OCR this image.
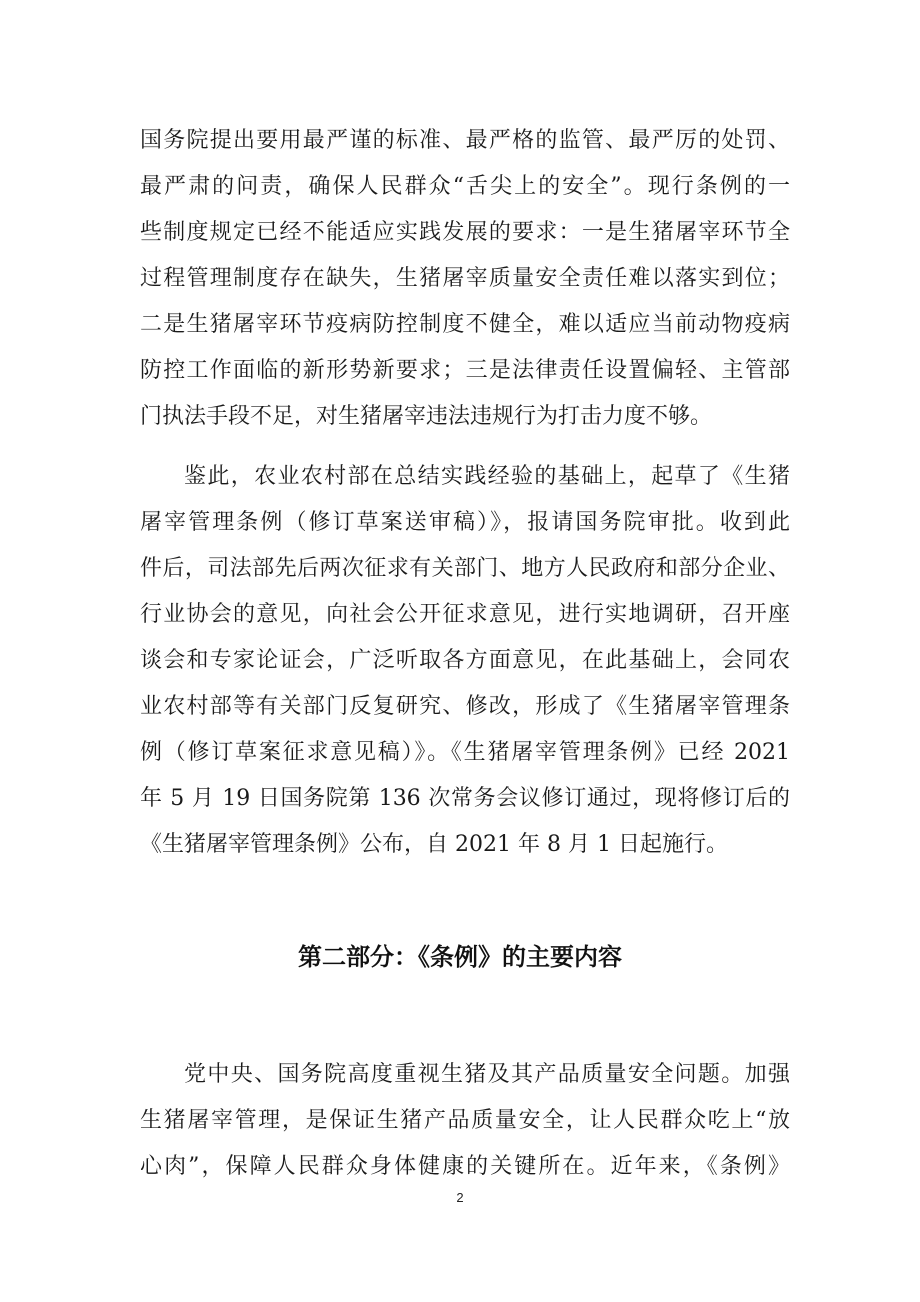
国务院提出要用最严谨的标准、最严格的监管、最严厉的处罚、
最严肃的问责，确保人民群众“舌尖上的安全”。现行条例的一
些制度规定已经不能适应实践发展的要求：一是生猪屠宰环节全
过程管理制度存在缺失，生猪屠宰质量安全责任难以落实到位；
二是生猪屠宰环节疫病防控制度不健全，难以适应当前动物疫病
防控工作面临的新形势新要求；三是法律责任设置偏轻、主管部
门执法手段不足，对生猪屠宰违法违规行为打击力度不够。
鉴此，农业农村部在总结实践经验的基础上，起草了《生猪
屠宰管理条例（修订草案送审稿）》，报请国务院审批。收到此
件后，司法部先后两次征求有关部门、地方人民政府和部分企业、
行业协会的意见，向社会公开征求意见，进行实地调研，召开座
谈会和专家论证会，广泛听取各方面意见，在此基础上，会同农
业农村部等有关部门反复研究、修改，形成了《生猪屠宰管理条
例（修订草案征求意见稿）》。《生猪屠宰管理条例》已经 2021
年 5 月 19 日国务院第 136 次常务会议修订通过，现将修订后的
《生猪屠宰管理条例》公布，自 2021 年 8 月 1 日起施行。
第二部分：《条例》的主要内容
党中央、国务院高度重视生猪及其产品质量安全问题。加强
生猪屠宰管理，是保证生猪产品质量安全，让人民群众吃上“放
心肉”，保障人民群众身体健康的关键所在。近年来，《条例》
2
